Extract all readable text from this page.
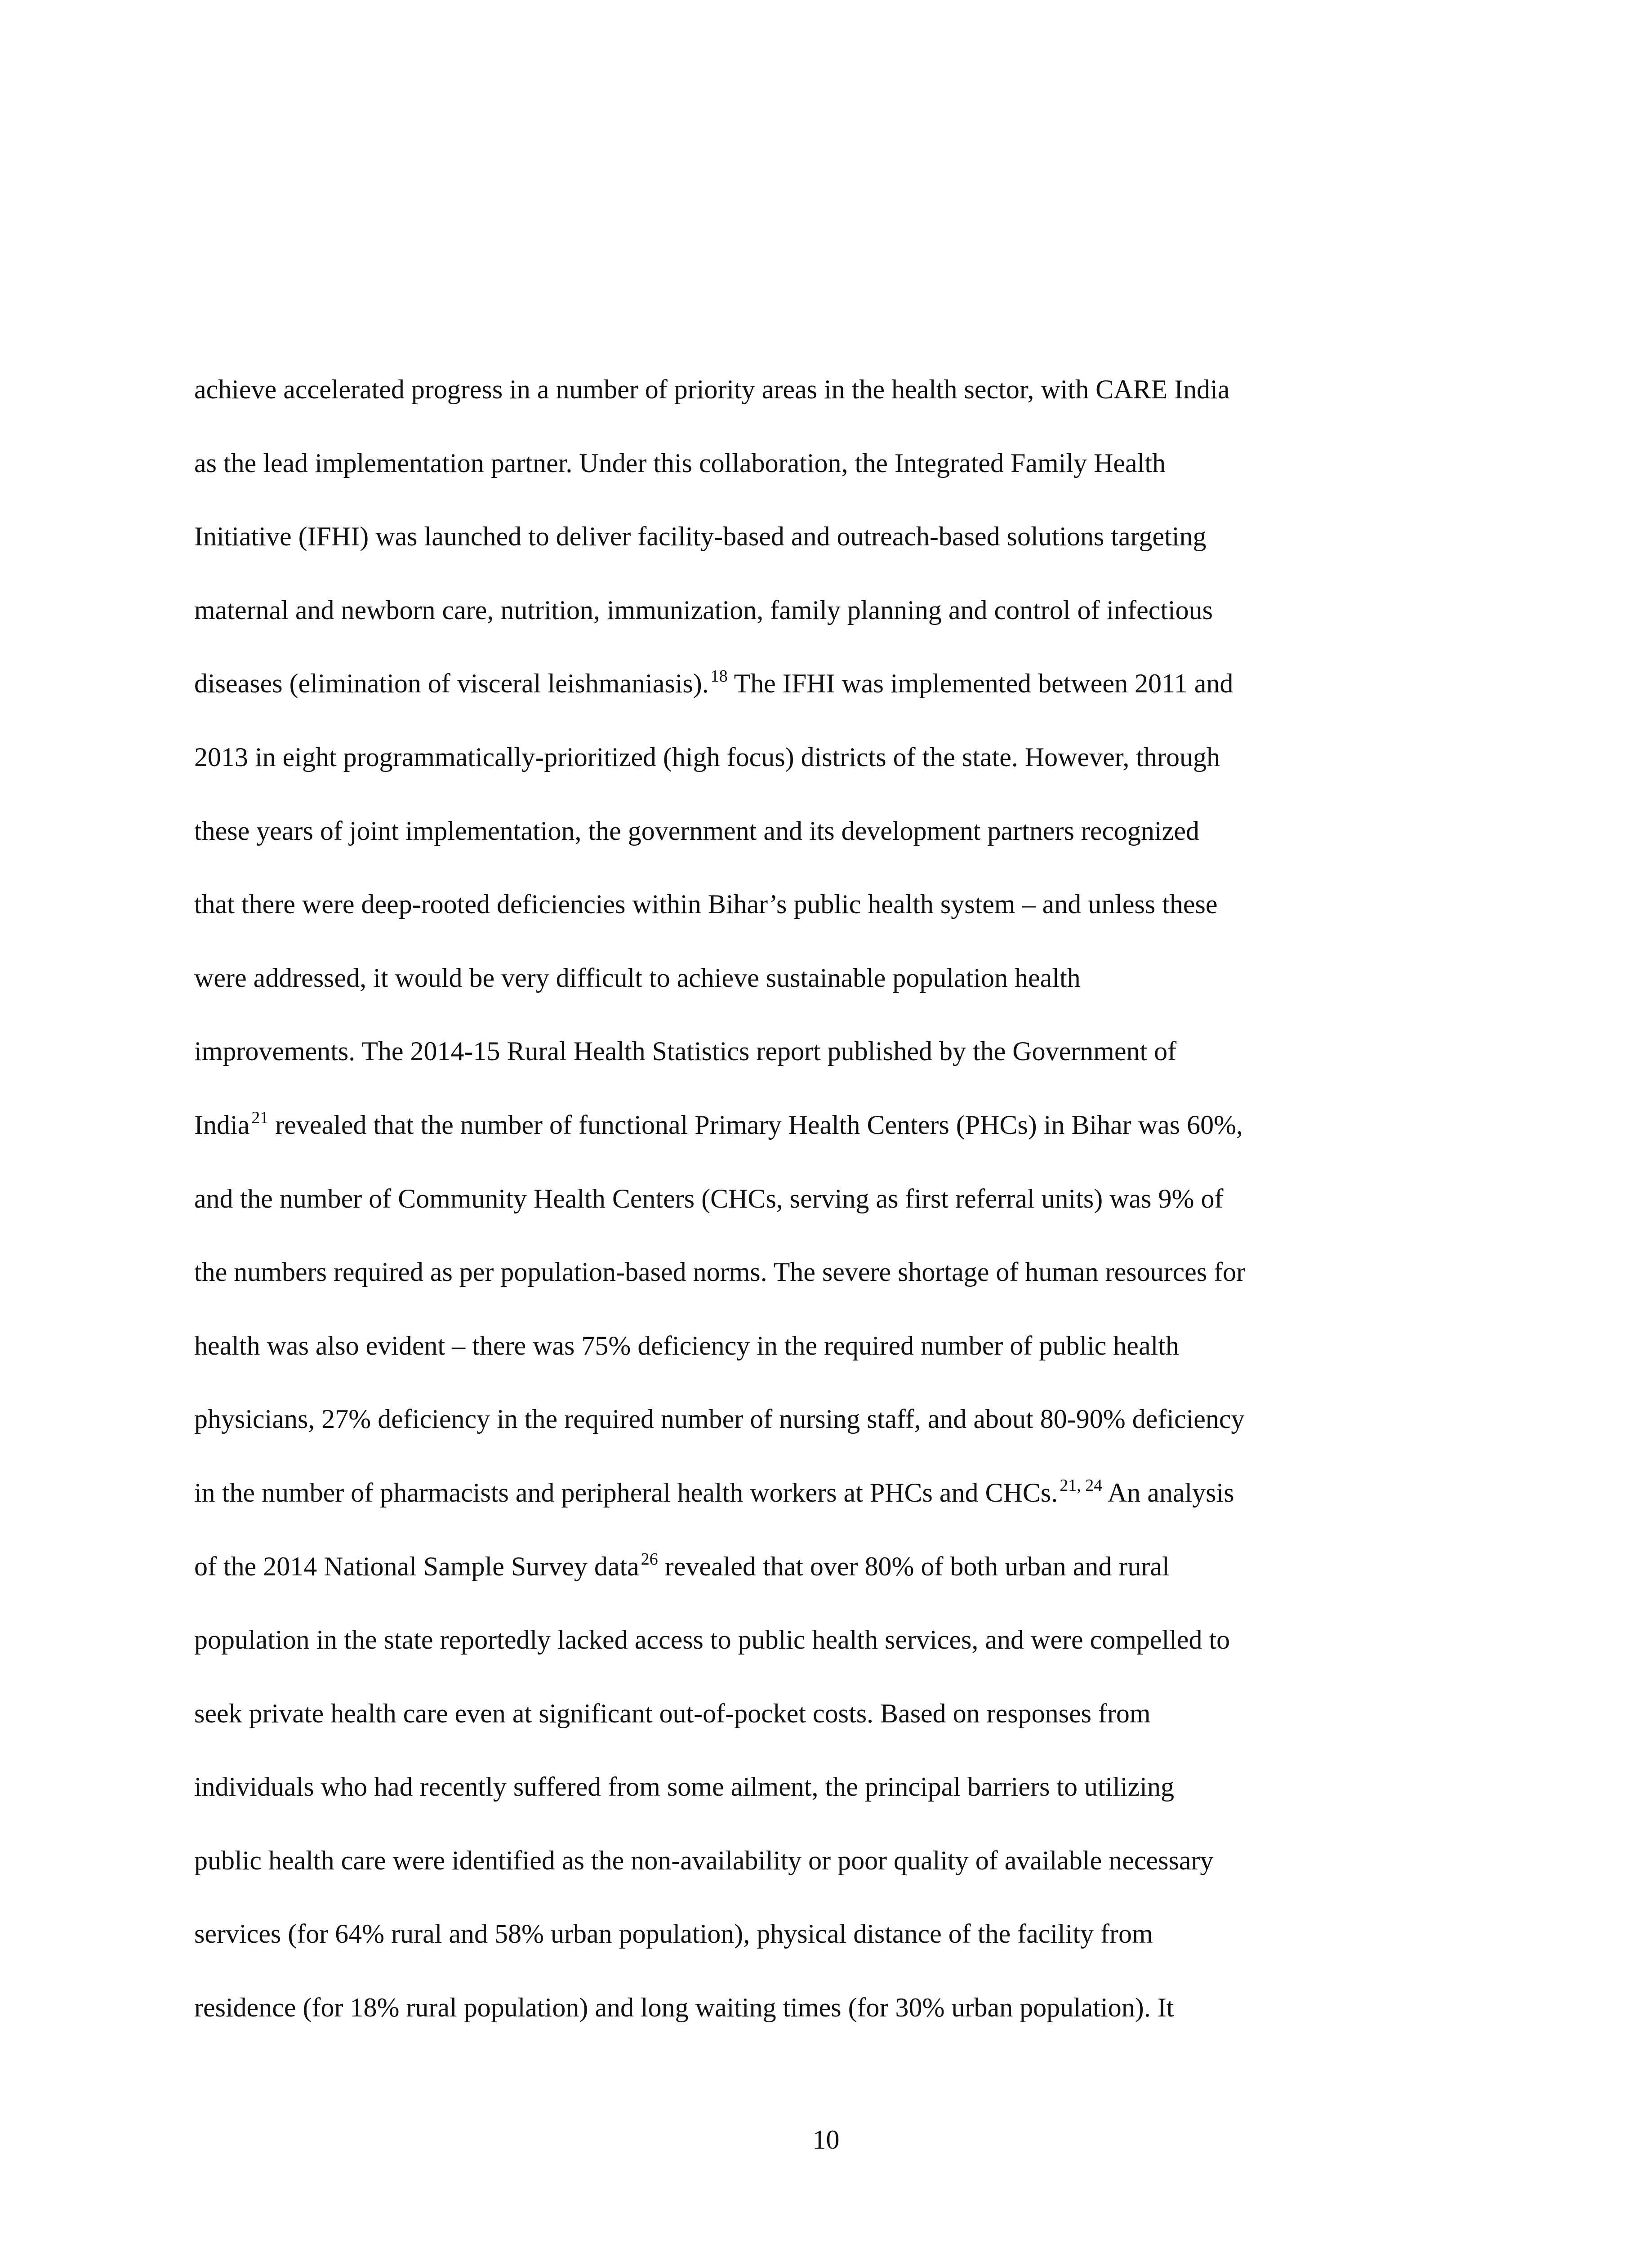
achieve accelerated progress in a number of priority areas in the health sector, with CARE India
as the lead implementation partner. Under this collaboration, the Integrated Family Health
Initiative (IFHI) was launched to deliver facility-based and outreach-based solutions targeting
maternal and newborn care, nutrition, immunization, family planning and control of infectious
diseases (elimination of visceral leishmaniasis). $^{18}$ The IFHI was implemented between 2011 and
2013 in eight programmatically-prioritized (high focus) districts of the state. However, through
these years of joint implementation, the government and its development partners recognized
that there were deep-rooted deficiencies within Bihar’s public health system – and unless these
were addressed, it would be very difficult to achieve sustainable population health
improvements. The 2014-15 Rural Health Statistics report published by the Government of
India $^{21}$ revealed that the number of functional Primary Health Centers (PHCs) in Bihar was 60%,
and the number of Community Health Centers (CHCs, serving as first referral units) was 9% of
the numbers required as per population-based norms. The severe shortage of human resources for
health was also evident – there was 75% deficiency in the required number of public health
physicians, 27% deficiency in the required number of nursing staff, and about 80-90% deficiency
in the number of pharmacists and peripheral health workers at PHCs and CHCs. $^{21, 24}$ An analysis
of the 2014 National Sample Survey data $^{26}$ revealed that over 80% of both urban and rural
population in the state reportedly lacked access to public health services, and were compelled to
seek private health care even at significant out-of-pocket costs. Based on responses from
individuals who had recently suffered from some ailment, the principal barriers to utilizing
public health care were identified as the non-availability or poor quality of available necessary
services (for 64% rural and 58% urban population), physical distance of the facility from
residence (for 18% rural population) and long waiting times (for 30% urban population). It

10
